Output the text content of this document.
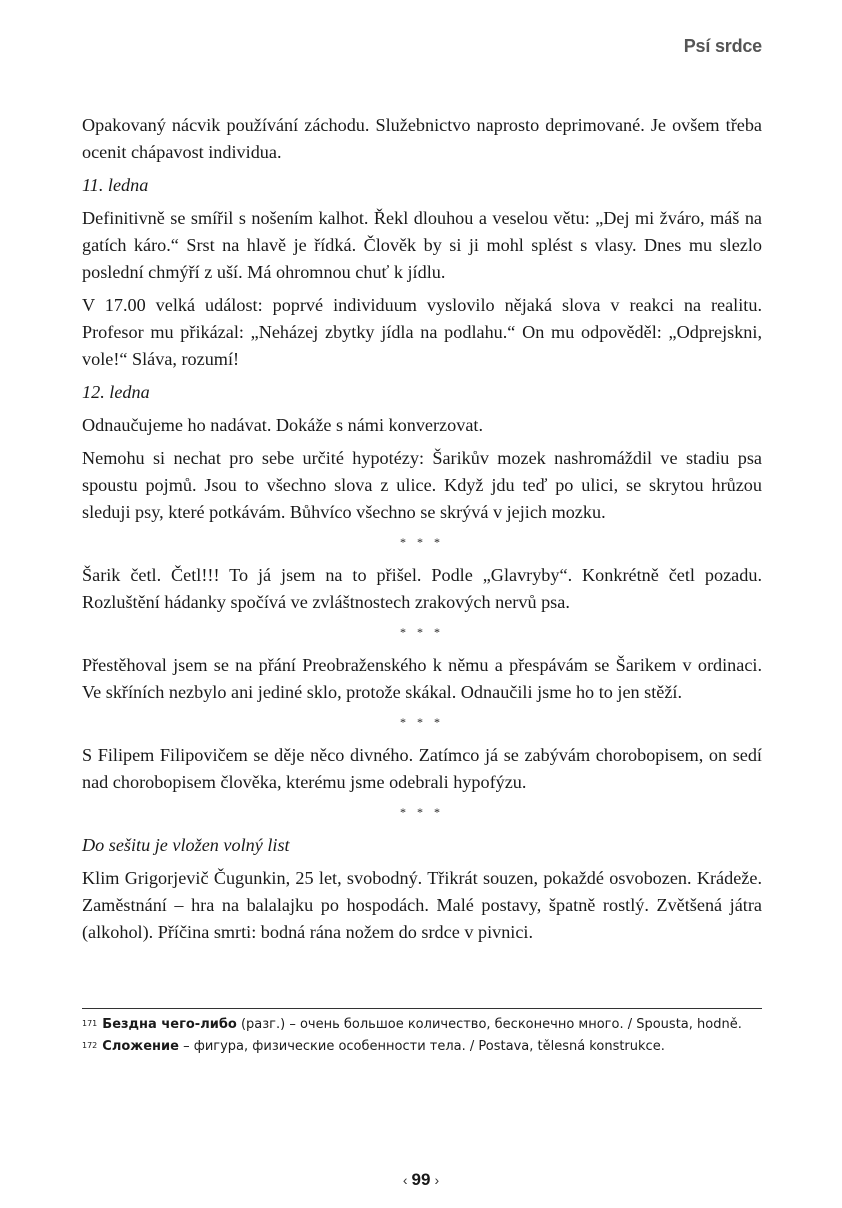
Psí srdce

Opakovaný nácvik používání záchodu. Služebnictvo naprosto deprimované. Je ovšem třeba ocenit chápavost individua.

11. ledna

Definitivně se smířil s nošením kalhot. Řekl dlouhou a veselou větu: „Dej mi žváro, máš na gatích káro.“ Srst na hlavě je řídká. Člověk by si ji mohl splést s vlasy. Dnes mu slezlo poslední chmýří z uší. Má ohromnou chuť k jídlu.

V 17.00 velká událost: poprvé individuum vyslovilo nějaká slova v reakci na realitu. Profesor mu přikázal: „Neházej zbytky jídla na podlahu.“ On mu odpověděl: „Odprejskni, vole!“ Sláva, rozumí!

12. ledna

Odnaučujeme ho nadávat. Dokáže s námi konverzovat.

Nemohu si nechat pro sebe určité hypotézy: Šarikův mozek nashromáždil ve stadiu psa spoustu pojmů. Jsou to všechno slova z ulice. Když jdu teď po ulici, se skrytou hrůzou sleduji psy, které potkávám. Bůhvíco všechno se skrývá v jejich mozku.

* * *

Šarik četl. Četl!!! To já jsem na to přišel. Podle „Glavryby“. Konkrétně četl pozadu. Rozluštění hádanky spočívá ve zvláštnostech zrakových nervů psa.

* * *

Přestěhoval jsem se na přání Preobraženského k němu a přespávám se Šarikem v ordinaci. Ve skříních nezbylo ani jediné sklo, protože skákal. Odnaučili jsme ho to jen stěží.

* * *

S Filipem Filipovičem se děje něco divného. Zatímco já se zabývám chorobopisem, on sedí nad chorobopisem člověka, kterému jsme odebrali hypofýzu.

* * *

Do sešitu je vložen volný list

Klim Grigorjevič Čugunkin, 25 let, svobodný. Třikrát souzen, pokaždé osvobozen. Krádeže. Zaměstnání – hra na balalajku po hospodách. Malé postavy, špatně rostlý. Zvětšená játra (alkohol). Příčina smrti: bodná rána nožem do srdce v pivnici.

$^{171}$ Бездна чего-либо (разг.) – очень большое количество, бесконечно много. / Spousta, hodně.

$^{172}$ Сложение – фигура, физические особенности тела. / Postava, tělesná konstrukce.

‹ 99 ›
